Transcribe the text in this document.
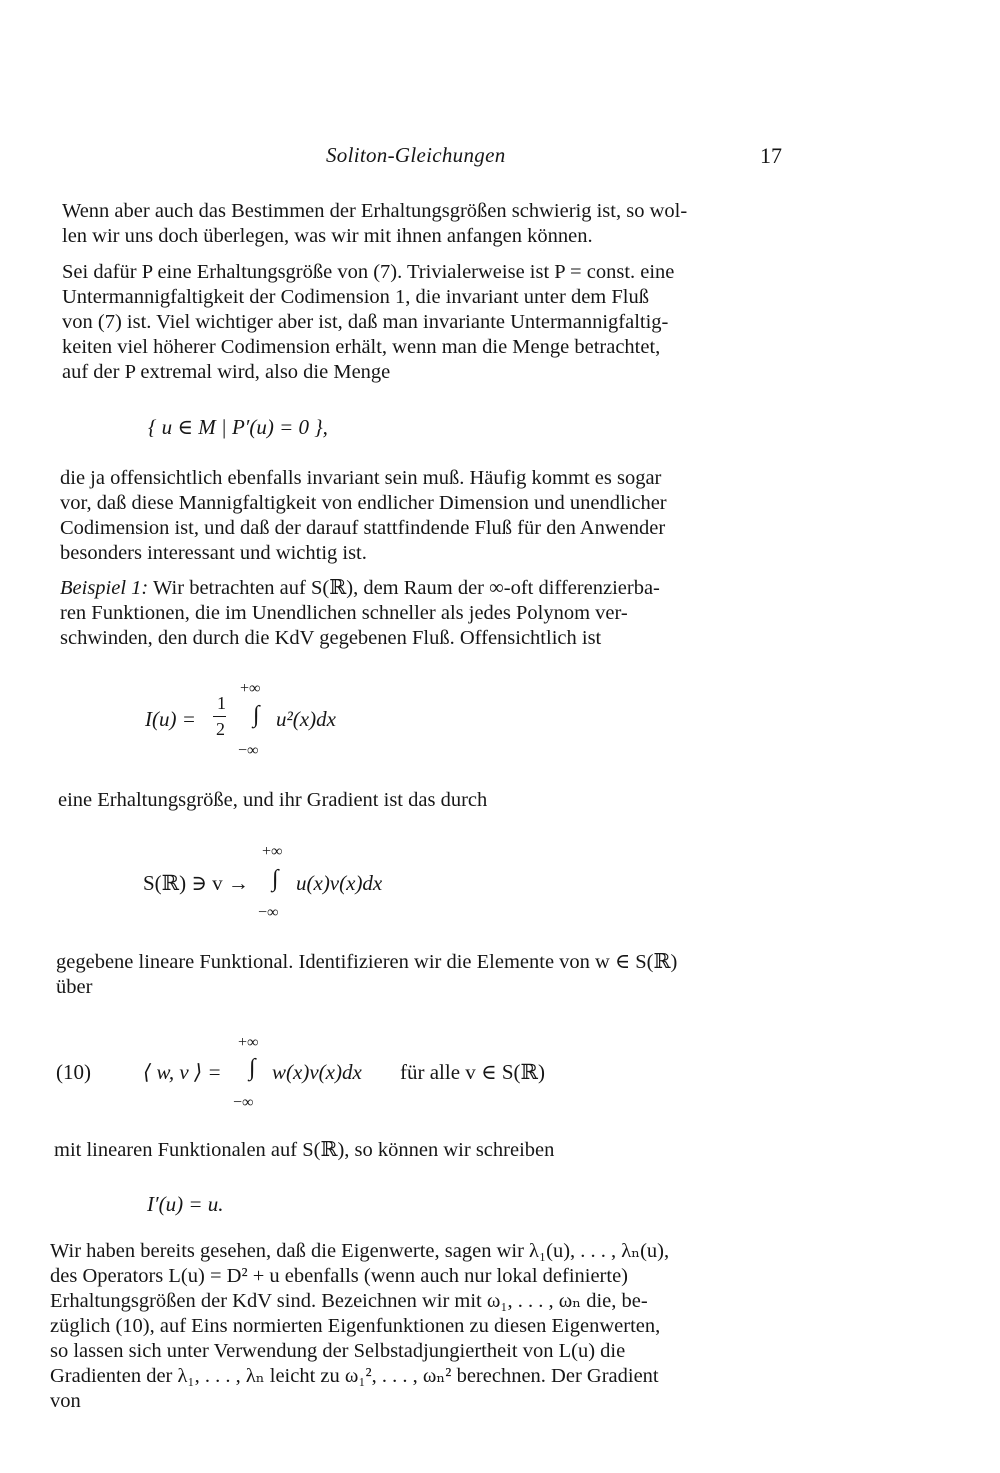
Soliton-Gleichungen	17
Wenn aber auch das Bestimmen der Erhaltungsgrößen schwierig ist, so wol-
len wir uns doch überlegen, was wir mit ihnen anfangen können.
Sei dafür P eine Erhaltungsgröße von (7). Trivialerweise ist P = const. eine
Untermannigfaltigkeit der Codimension 1, die invariant unter dem Fluß
von (7) ist. Viel wichtiger aber ist, daß man invariante Untermannigfaltig-
keiten viel höherer Codimension erhält, wenn man die Menge betrachtet,
auf der P extremal wird, also die Menge
{ u ∈ M | P′(u) = 0 },
die ja offensichtlich ebenfalls invariant sein muß. Häufig kommt es sogar
vor, daß diese Mannigfaltigkeit von endlicher Dimension und unendlicher
Codimension ist, und daß der darauf stattfindende Fluß für den Anwender
besonders interessant und wichtig ist.
Beispiel 1: Wir betrachten auf S(ℝ), dem Raum der ∞-oft differenzierba-
ren Funktionen, die im Unendlichen schneller als jedes Polynom ver-
schwinden, den durch die KdV gegebenen Fluß. Offensichtlich ist
+∞
I(u) =
1
2
∫ u²(x)dx
−∞
eine Erhaltungsgröße, und ihr Gradient ist das durch
+∞
S(ℝ) ∋ v → ∫ u(x)v(x)dx
−∞
gegebene lineare Funktional. Identifizieren wir die Elemente von w ∈ S(ℝ)
über
+∞
(10) ⟨ w, v ⟩ = ∫ w(x)v(x)dx für alle v ∈ S(ℝ)
−∞
mit linearen Funktionalen auf S(ℝ), so können wir schreiben
I′(u) = u.
Wir haben bereits gesehen, daß die Eigenwerte, sagen wir λ₁(u), . . . , λₙ(u),
des Operators L(u) = D² + u ebenfalls (wenn auch nur lokal definierte)
Erhaltungsgrößen der KdV sind. Bezeichnen wir mit ω₁, . . . , ωₙ die, be-
züglich (10), auf Eins normierten Eigenfunktionen zu diesen Eigenwerten,
so lassen sich unter Verwendung der Selbstadjungiertheit von L(u) die
Gradienten der λ₁, . . . , λₙ leicht zu ω₁², . . . , ωₙ² berechnen. Der Gradient
von
